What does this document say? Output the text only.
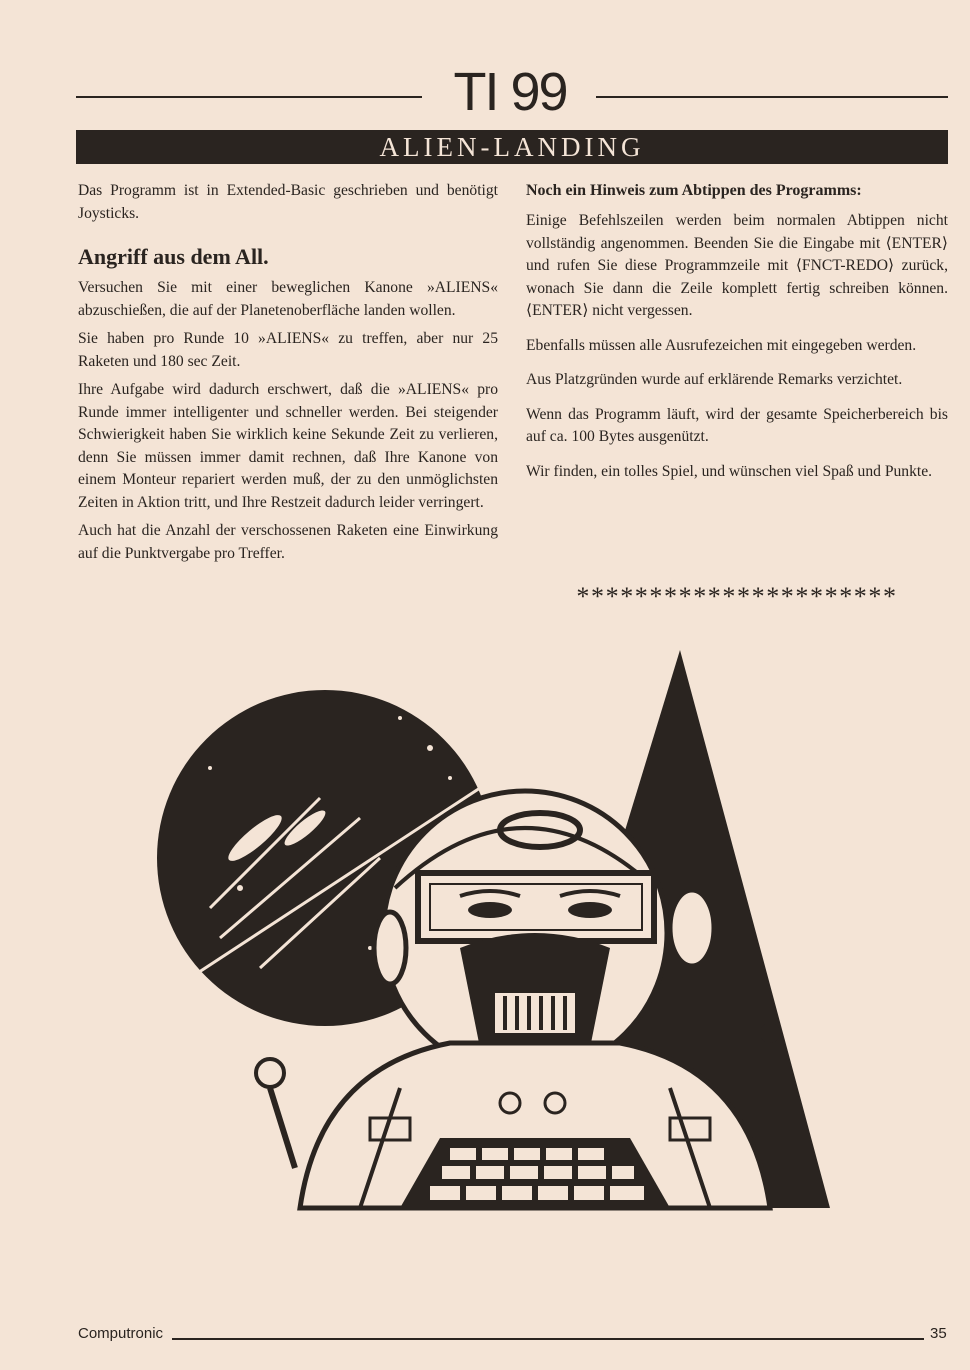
TI 99
ALIEN-LANDING

Das Programm ist in Extended-Basic geschrieben und benötigt Joysticks.

Angriff aus dem All.

Versuchen Sie mit einer beweglichen Kanone »ALIENS« abzuschießen, die auf der Planetenoberfläche landen wollen.

Sie haben pro Runde 10 »ALIENS« zu treffen, aber nur 25 Raketen und 180 sec Zeit.

Ihre Aufgabe wird dadurch erschwert, daß die »ALIENS« pro Runde immer intelligenter und schneller werden. Bei steigender Schwierigkeit haben Sie wirklich keine Sekunde Zeit zu verlieren, denn Sie müssen immer damit rechnen, daß Ihre Kanone von einem Monteur repariert werden muß, der zu den unmöglichsten Zeiten in Aktion tritt, und Ihre Restzeit dadurch leider verringert.

Auch hat die Anzahl der verschossenen Raketen eine Einwirkung auf die Punktvergabe pro Treffer.

Noch ein Hinweis zum Abtippen des Programms:

Einige Befehlszeilen werden beim normalen Abtippen nicht vollständig angenommen. Beenden Sie die Eingabe mit ⟨ENTER⟩ und rufen Sie diese Programmzeile mit ⟨FNCT-REDO⟩ zurück, wonach Sie dann die Zeile komplett fertig schreiben können. ⟨ENTER⟩ nicht vergessen.

Ebenfalls müssen alle Ausrufezeichen mit eingegeben werden.

Aus Platzgründen wurde auf erklärende Remarks verzichtet.

Wenn das Programm läuft, wird der gesamte Speicherbereich bis auf ca. 100 Bytes ausgenützt.

Wir finden, ein tolles Spiel, und wünschen viel Spaß und Punkte.

**********************
Computronic	35
